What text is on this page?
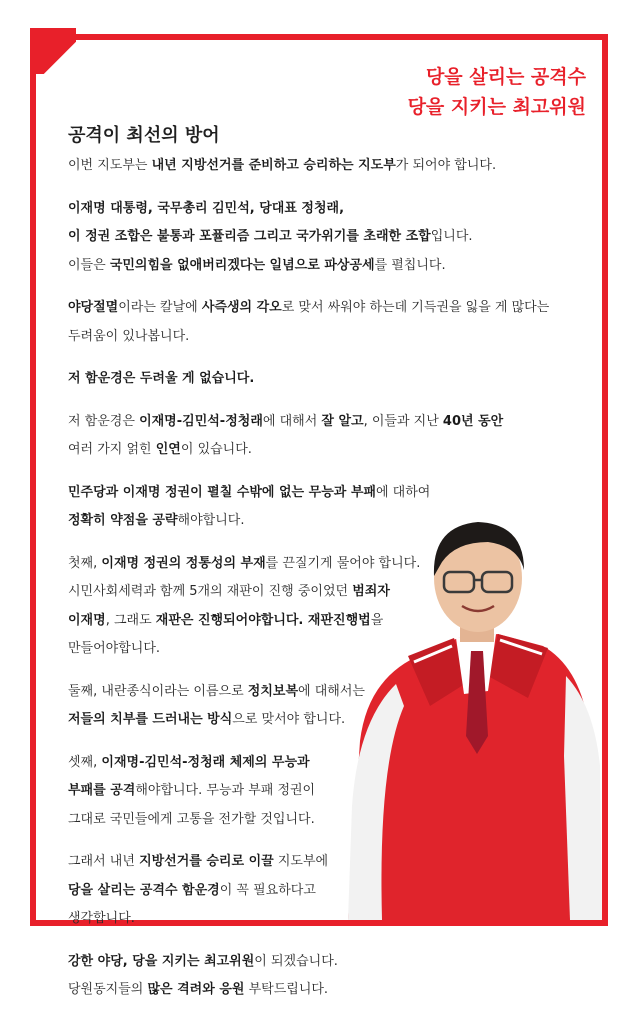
당을 살리는 공격수
당을 지키는 최고위원
공격이 최선의 방어

이번 지도부는 내년 지방선거를 준비하고 승리하는 지도부가 되어야 합니다.

이재명 대통령, 국무총리 김민석, 당대표 정청래,
이 정권 조합은 불통과 포퓰리즘 그리고 국가위기를 초래한 조합입니다.
이들은 국민의힘을 없애버리겠다는 일념으로 파상공세를 펼칩니다.

야당절멸이라는 칼날에 사즉생의 각오로 맞서 싸워야 하는데 기득권을 잃을 게 많다는
두려움이 있나봅니다.

저 함운경은 두려울 게 없습니다.

저 함운경은 이재명-김민석-정청래에 대해서 잘 알고, 이들과 지난 40년 동안
여러 가지 얽힌 인연이 있습니다.

민주당과 이재명 정권이 펼칠 수밖에 없는 무능과 부패에 대하여
정확히 약점을 공략해야합니다.

첫째, 이재명 정권의 정통성의 부재를 끈질기게 물어야 합니다.
시민사회세력과 함께 5개의 재판이 진행 중이었던 범죄자
이재명, 그래도 재판은 진행되어야합니다. 재판진행법을
만들어야합니다.

둘째, 내란종식이라는 이름으로 정치보복에 대해서는
저들의 치부를 드러내는 방식으로 맞서야 합니다.

셋째, 이재명-김민석-정청래 체제의 무능과
부패를 공격해야합니다. 무능과 부패 정권이
그대로 국민들에게 고통을 전가할 것입니다.

그래서 내년 지방선거를 승리로 이끌 지도부에
당을 살리는 공격수 함운경이 꼭 필요하다고
생각합니다.

강한 야당, 당을 지키는 최고위원이 되겠습니다.
당원동지들의 많은 격려와 응원 부탁드립니다.
